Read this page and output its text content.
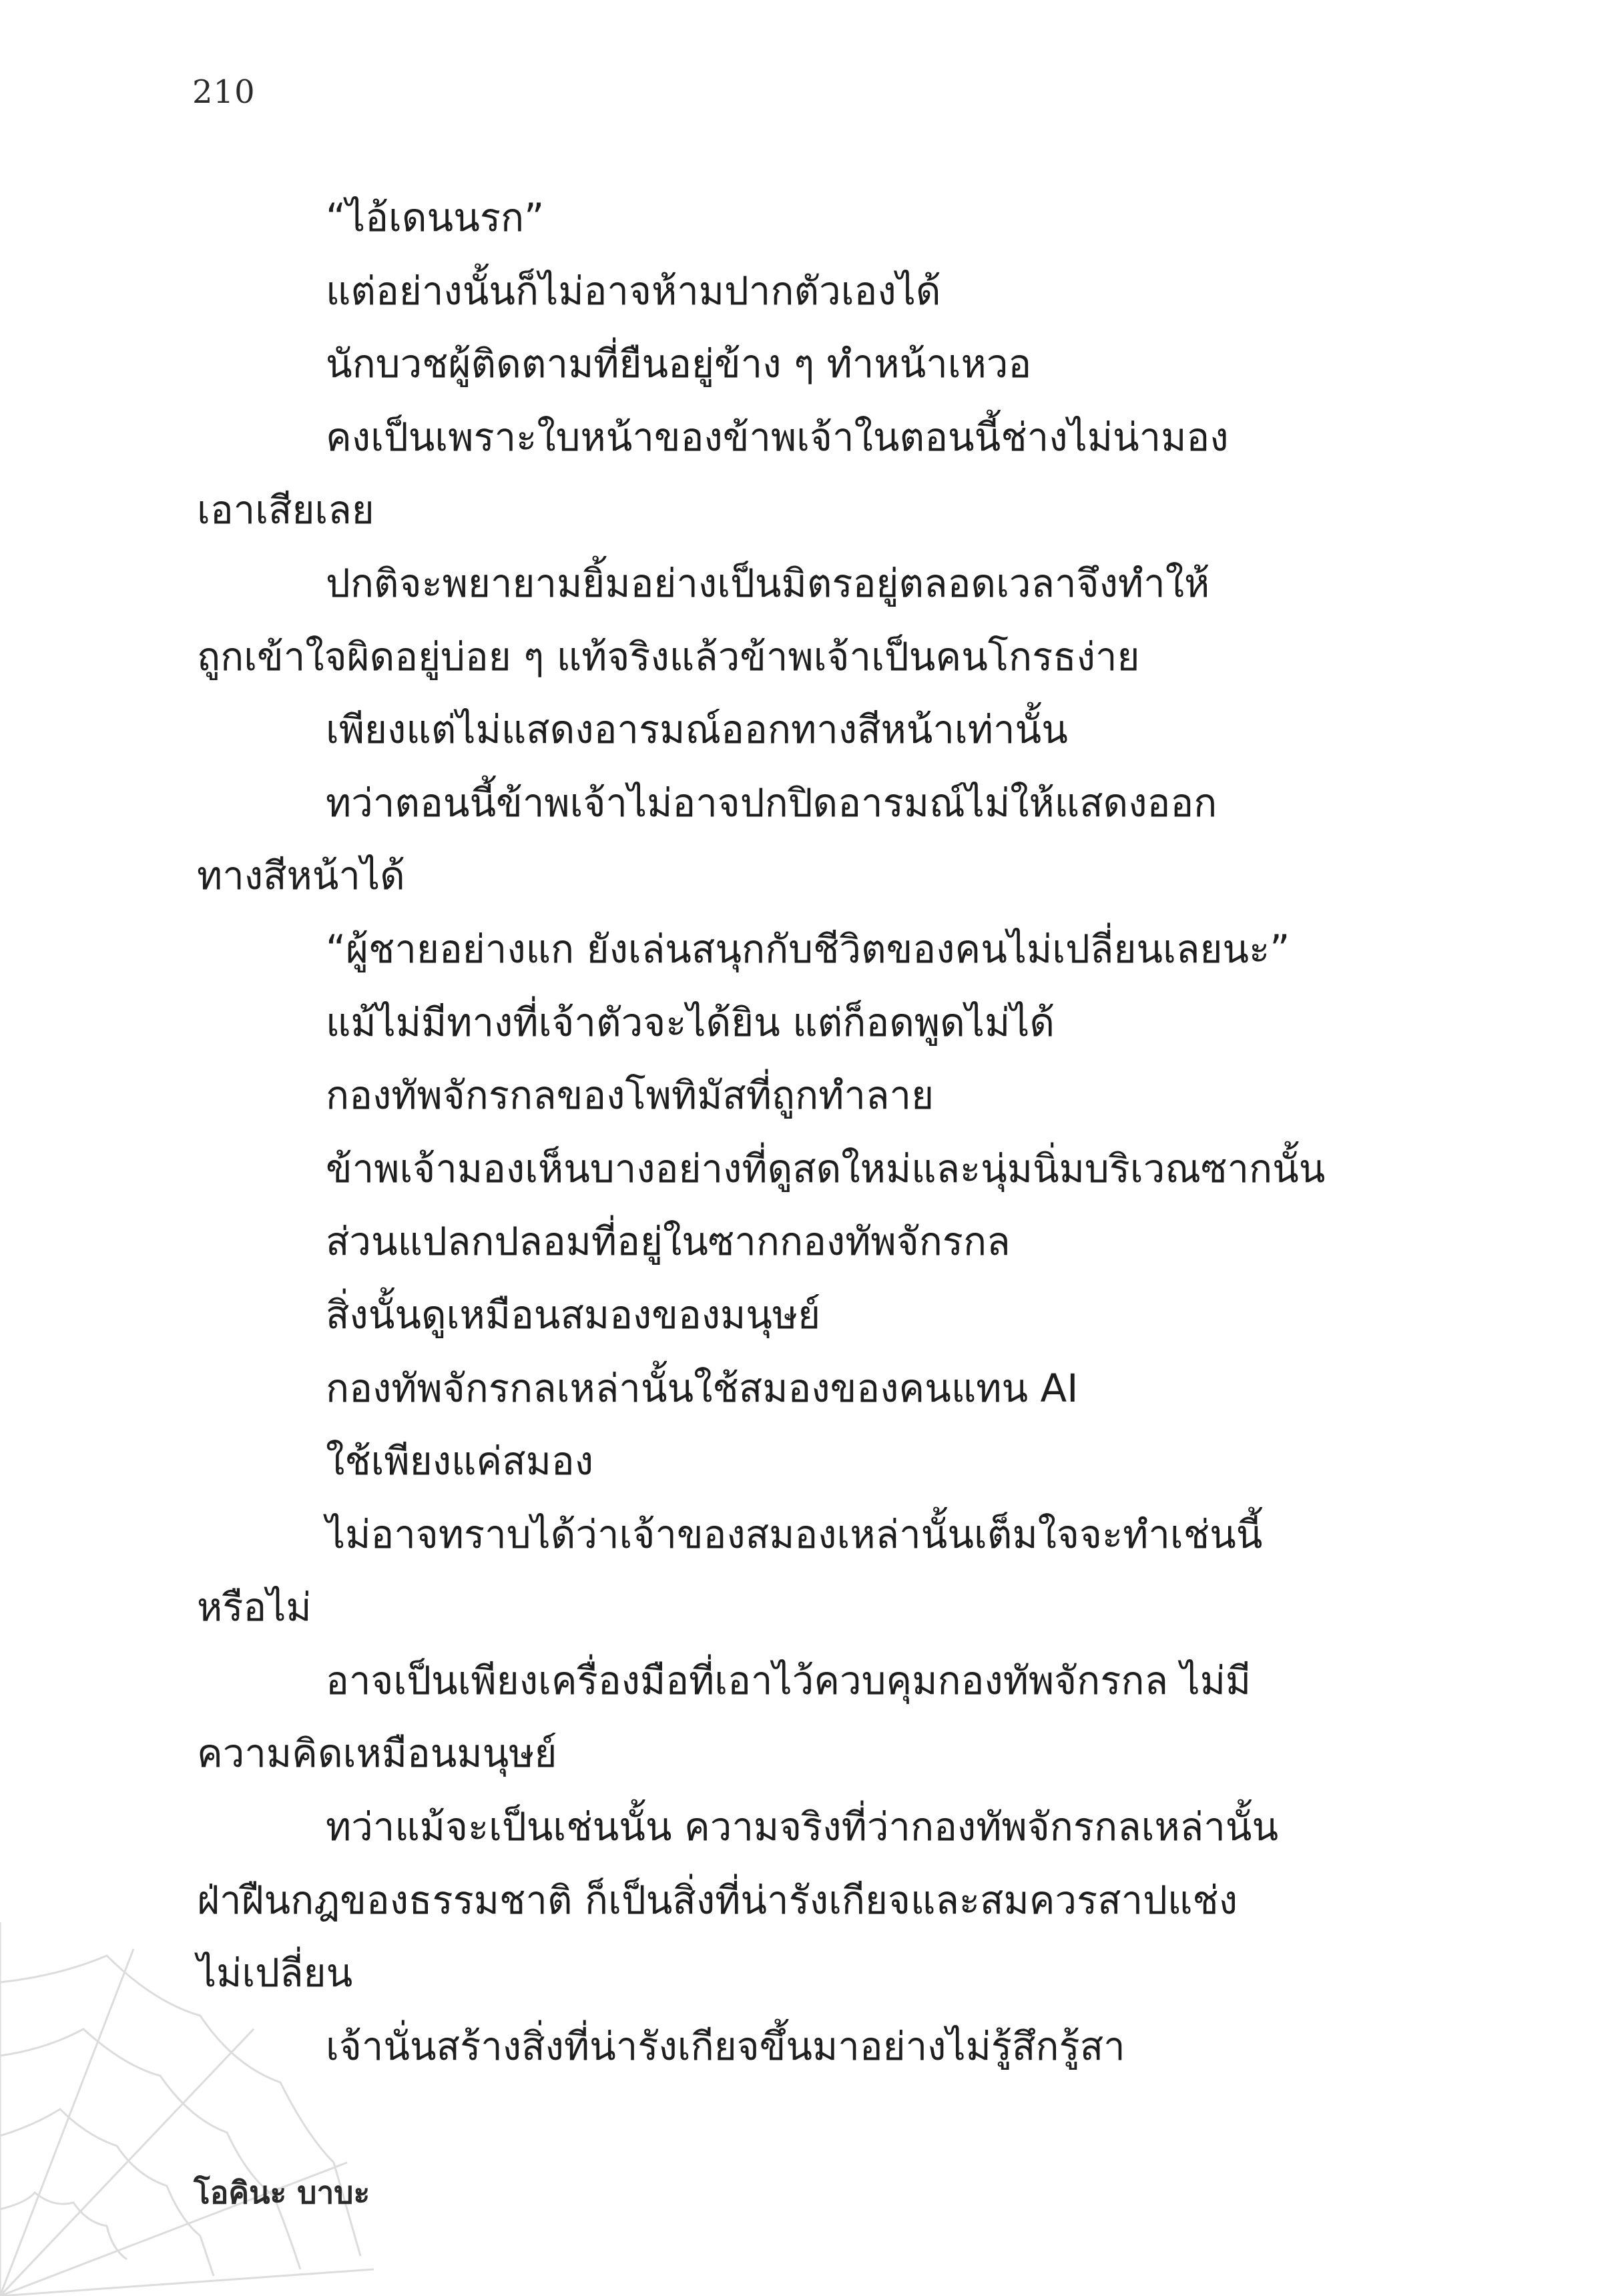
210
“ไอ้เดนนรก”
แต่อย่างนั้นก็ไม่อาจห้ามปากตัวเองได้
นักบวชผู้ติดตามที่ยืนอยู่ข้าง ๆ ทำหน้าเหวอ
คงเป็นเพราะใบหน้าของข้าพเจ้าในตอนนี้ช่างไม่น่ามอง
เอาเสียเลย
ปกติจะพยายามยิ้มอย่างเป็นมิตรอยู่ตลอดเวลาจึงทำให้
ถูกเข้าใจผิดอยู่บ่อย ๆ แท้จริงแล้วข้าพเจ้าเป็นคนโกรธง่าย
เพียงแต่ไม่แสดงอารมณ์ออกทางสีหน้าเท่านั้น
ทว่าตอนนี้ข้าพเจ้าไม่อาจปกปิดอารมณ์ไม่ให้แสดงออก
ทางสีหน้าได้
“ผู้ชายอย่างแก ยังเล่นสนุกกับชีวิตของคนไม่เปลี่ยนเลยนะ”
แม้ไม่มีทางที่เจ้าตัวจะได้ยิน แต่ก็อดพูดไม่ได้
กองทัพจักรกลของโพทิมัสที่ถูกทำลาย
ข้าพเจ้ามองเห็นบางอย่างที่ดูสดใหม่และนุ่มนิ่มบริเวณซากนั้น
ส่วนแปลกปลอมที่อยู่ในซากกองทัพจักรกล
สิ่งนั้นดูเหมือนสมองของมนุษย์
กองทัพจักรกลเหล่านั้นใช้สมองของคนแทน AI
ใช้เพียงแค่สมอง
ไม่อาจทราบได้ว่าเจ้าของสมองเหล่านั้นเต็มใจจะทำเช่นนี้
หรือไม่
อาจเป็นเพียงเครื่องมือที่เอาไว้ควบคุมกองทัพจักรกล ไม่มี
ความคิดเหมือนมนุษย์
ทว่าแม้จะเป็นเช่นนั้น ความจริงที่ว่ากองทัพจักรกลเหล่านั้น
ฝ่าฝืนกฎของธรรมชาติ ก็เป็นสิ่งที่น่ารังเกียจและสมควรสาปแช่ง
ไม่เปลี่ยน
เจ้านั่นสร้างสิ่งที่น่ารังเกียจขึ้นมาอย่างไม่รู้สึกรู้สา
โอคินะ บาบะ
